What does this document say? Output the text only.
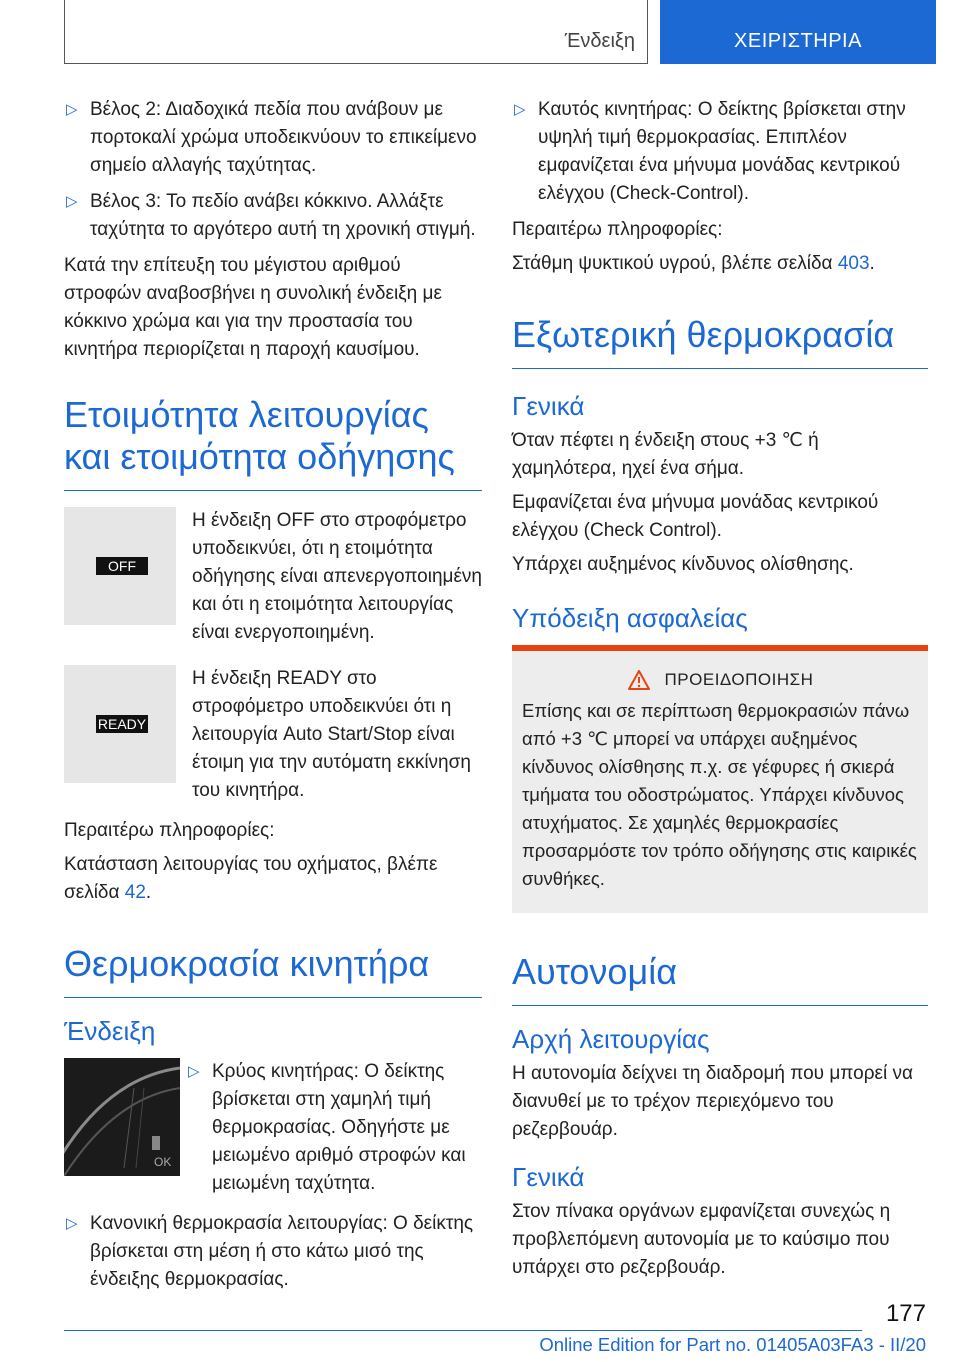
Ένδειξη	ΧΕΙΡΙΣΤΗΡΙΑ
▷ Βέλος 2: Διαδοχικά πεδία που ανάβουν με πορτοκαλί χρώμα υποδεικνύουν το επικείμενο σημείο αλλαγής ταχύτητας.
▷ Βέλος 3: Το πεδίο ανάβει κόκκινο. Αλλάξτε ταχύτητα το αργότερο αυτή τη χρονική στιγμή.

Κατά την επίτευξη του μέγιστου αριθμού στροφών αναβοσβήνει η συνολική ένδειξη με κόκκινο χρώμα και για την προστασία του κινητήρα περιορίζεται η παροχή καυσίμου.

Ετοιμότητα λειτουργίας και ετοιμότητα οδήγησης
OFF
Η ένδειξη OFF στο στροφόμετρο υποδεικνύει, ότι η ετοιμότητα οδήγησης είναι απενεργοποιημένη και ότι η ετοιμότητα λειτουργίας είναι ενεργοποιημένη.
READY
Η ένδειξη READY στο στροφόμετρο υποδεικνύει ότι η λειτουργία Auto Start/Stop είναι έτοιμη για την αυτόματη εκκίνηση του κινητήρα.

Περαιτέρω πληροφορίες:

Κατάσταση λειτουργίας του οχήματος, βλέπε σελίδα 42.

Θερμοκρασία κινητήρα
Ένδειξη
OK
▷ Κρύος κινητήρας: Ο δείκτης βρίσκεται στη χαμηλή τιμή θερμοκρασίας. Οδηγήστε με μειωμένο αριθμό στροφών και μειωμένη ταχύτητα.
▷ Κανονική θερμοκρασία λειτουργίας: Ο δείκτης βρίσκεται στη μέση ή στο κάτω μισό της ένδειξης θερμοκρασίας.
▷ Καυτός κινητήρας: Ο δείκτης βρίσκεται στην υψηλή τιμή θερμοκρασίας. Επιπλέον εμφανίζεται ένα μήνυμα μονάδας κεντρικού ελέγχου (Check-Control).

Περαιτέρω πληροφορίες:

Στάθμη ψυκτικού υγρού, βλέπε σελίδα 403.

Εξωτερική θερμοκρασία
Γενικά

Όταν πέφτει η ένδειξη στους +3 ℃ ή χαμηλότερα, ηχεί ένα σήμα.

Εμφανίζεται ένα μήνυμα μονάδας κεντρικού ελέγχου (Check Control).

Υπάρχει αυξημένος κίνδυνος ολίσθησης.

Υπόδειξη ασφαλείας
ΠΡΟΕΙΔΟΠΟΙΗΣΗ

Επίσης και σε περίπτωση θερμοκρασιών πάνω από +3 ℃ μπορεί να υπάρχει αυξημένος κίνδυνος ολίσθησης π.χ. σε γέφυρες ή σκιερά τμήματα του οδοστρώματος. Υπάρχει κίνδυνος ατυχήματος. Σε χαμηλές θερμοκρασίες προσαρμόστε τον τρόπο οδήγησης στις καιρικές συνθήκες.

Αυτονομία
Αρχή λειτουργίας

Η αυτονομία δείχνει τη διαδρομή που μπορεί να διανυθεί με το τρέχον περιεχόμενο του ρεζερβουάρ.

Γενικά

Στον πίνακα οργάνων εμφανίζεται συνεχώς η προβλεπόμενη αυτονομία με το καύσιμο που υπάρχει στο ρεζερβουάρ.

177
Online Edition for Part no. 01405A03FA3 - II/20
